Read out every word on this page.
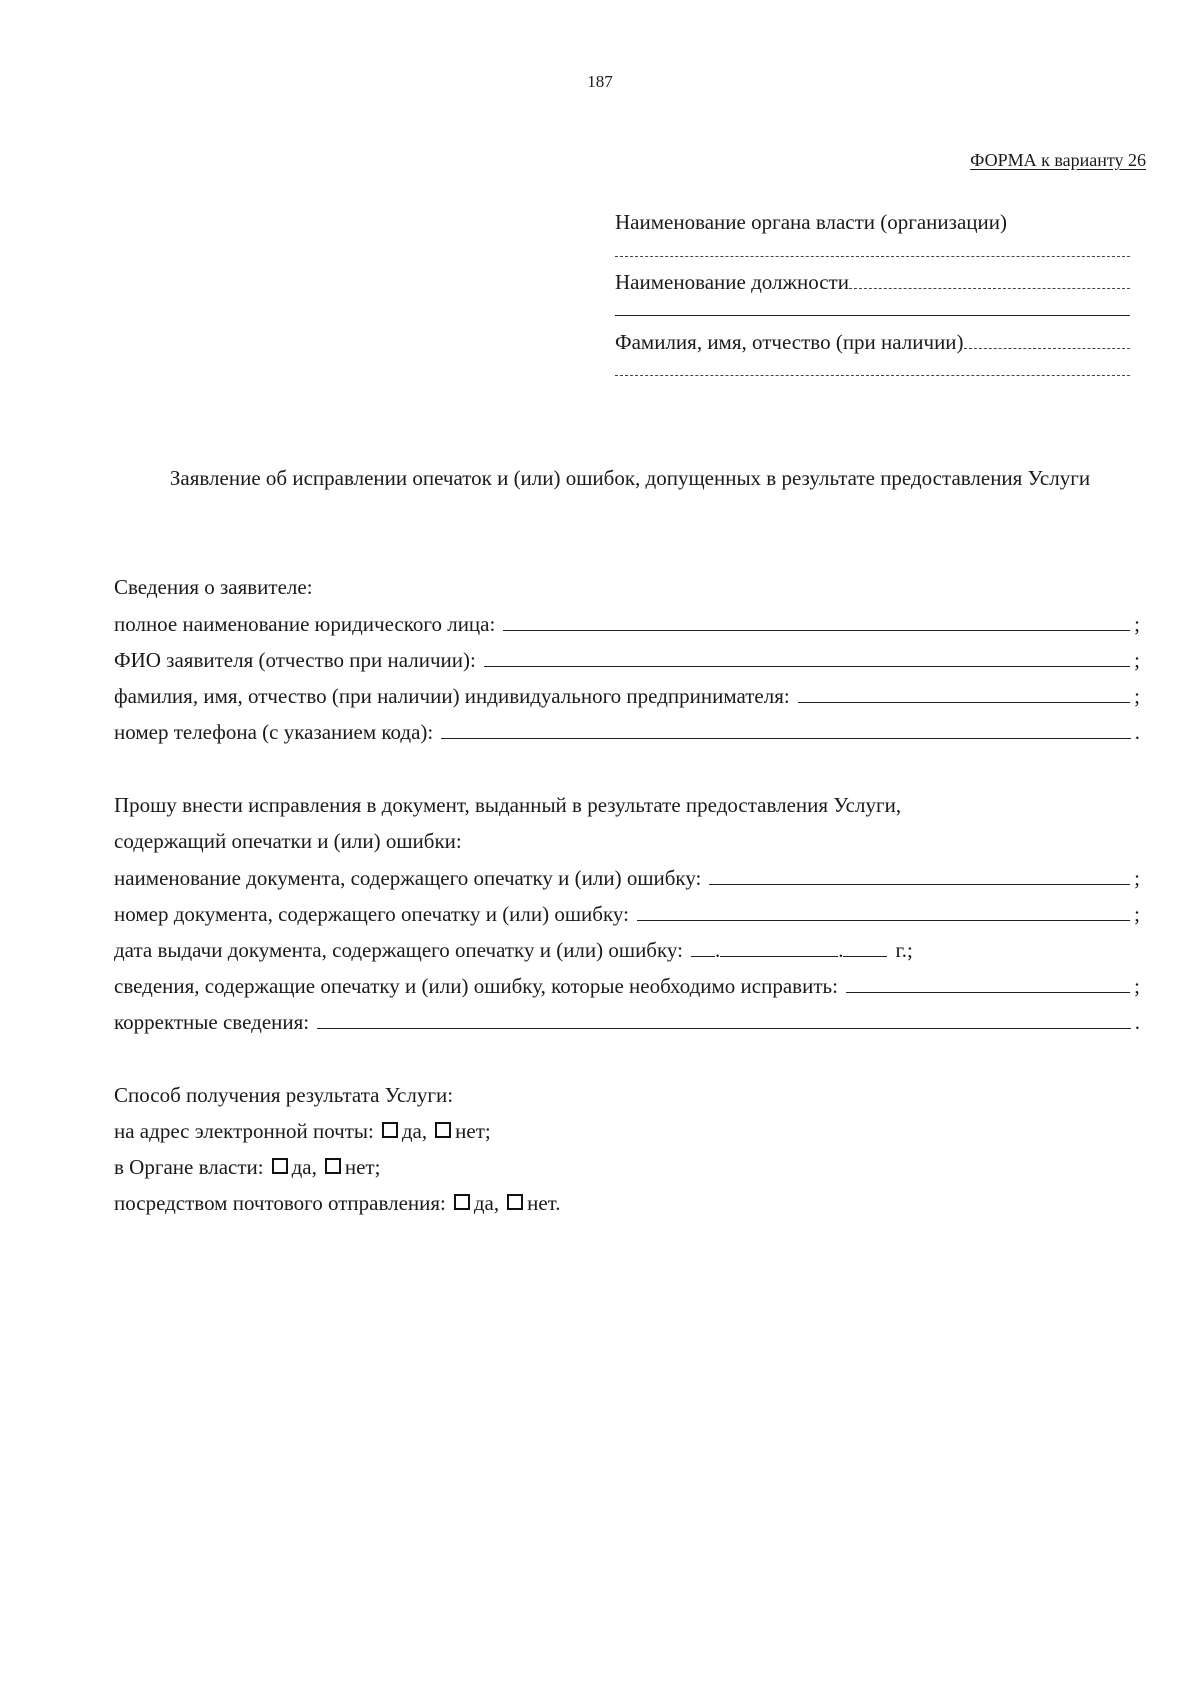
187
ФОРМА к варианту 26
Наименование органа власти (организации)
Наименование должности
Фамилия, имя, отчество (при наличии)
Заявление об исправлении опечаток и (или) ошибок, допущенных в результате предоставления Услуги
Сведения о заявителе:
полное наименование юридического лица:	;
ФИО заявителя (отчество при наличии):	;
фамилия, имя, отчество (при наличии) индивидуального предпринимателя:	;
номер телефона (с указанием кода):	.
Прошу внести исправления в документ, выданный в результате предоставления Услуги,
содержащий опечатки и (или) ошибки:
наименование документа, содержащего опечатку и (или) ошибку:	;
номер документа, содержащего опечатку и (или) ошибку:	;
дата выдачи документа, содержащего опечатку и (или) ошибку: .	. г.;
сведения, содержащие опечатку и (или) ошибку, которые необходимо исправить:	;
корректные сведения:	.
Способ получения результата Услуги:
на адрес электронной почты: да, нет;
в Органе власти: да, нет;
посредством почтового отправления: да, нет.
